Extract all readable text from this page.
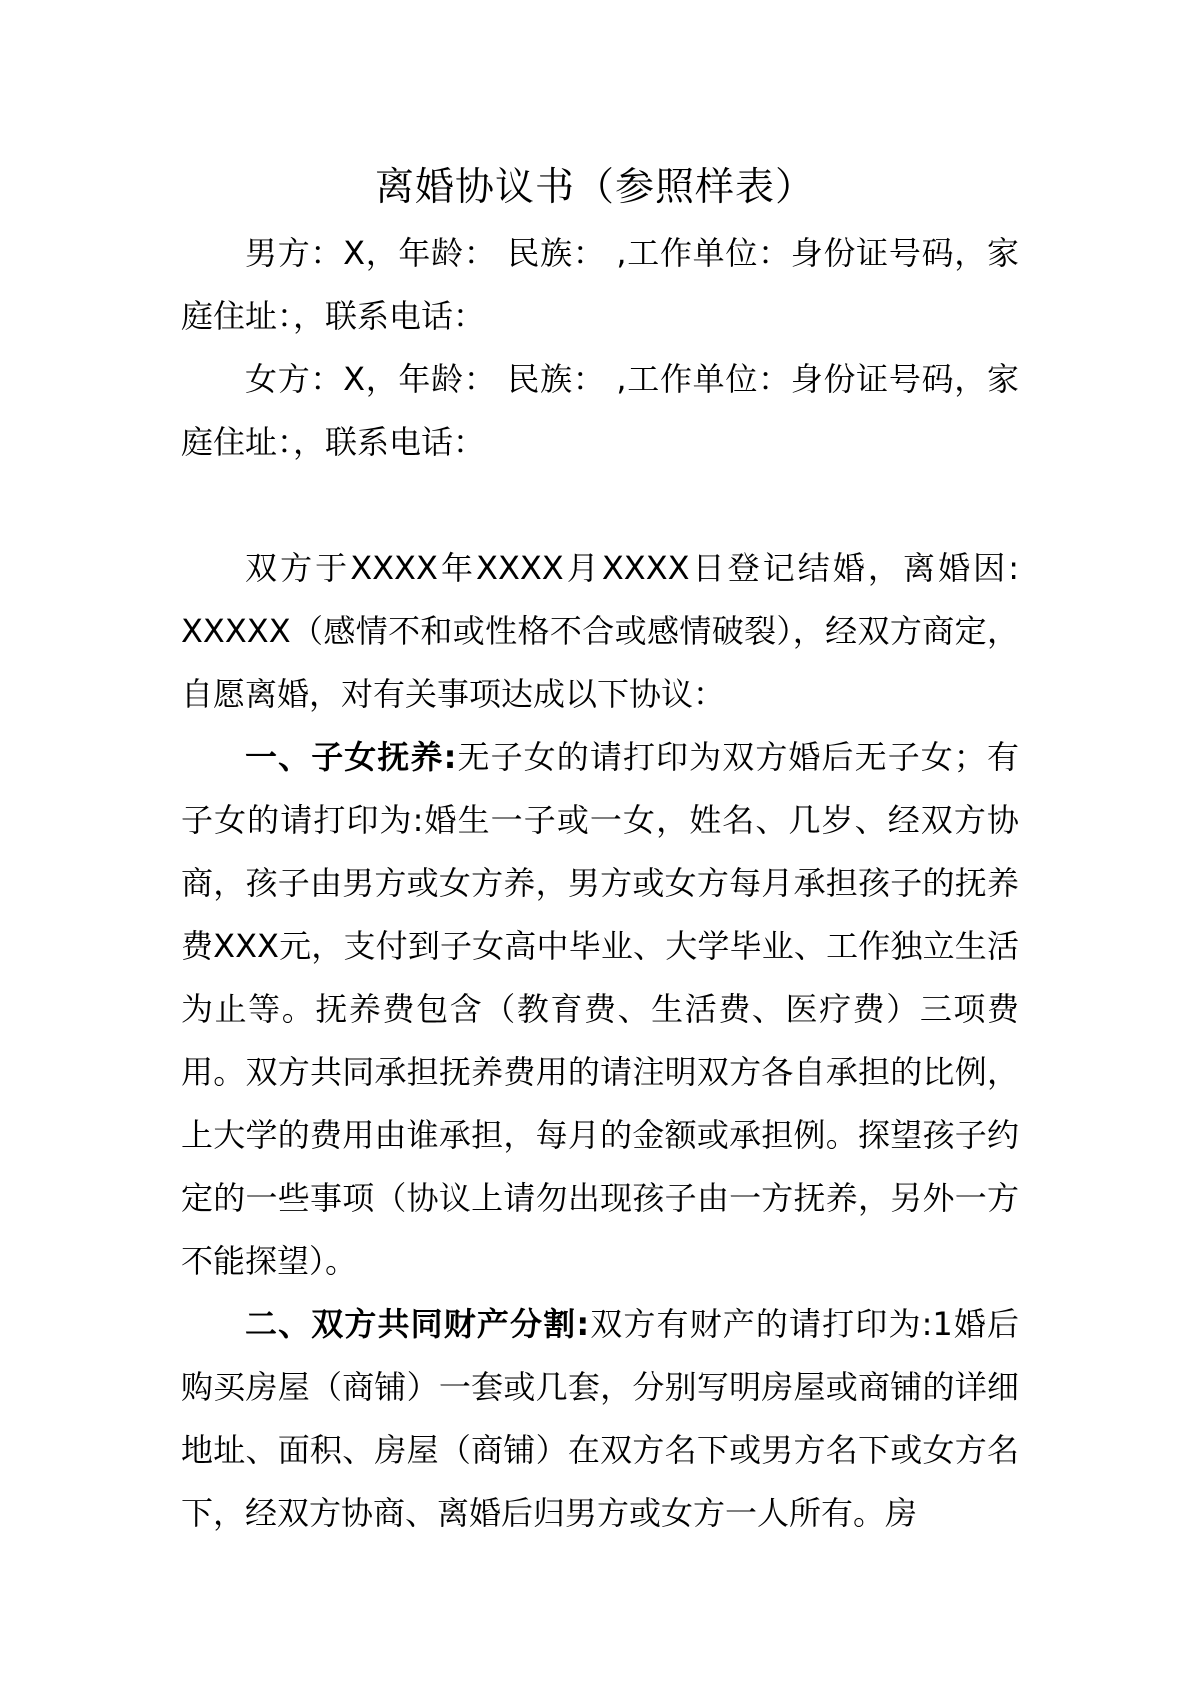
离婚协议书（参照样表）

男方：X，年龄： 民族： ,工作单位：身份证号码，家庭住址：，联系电话：

女方：X，年龄： 民族： ,工作单位：身份证号码，家庭住址：，联系电话：

双方于XXXX年XXXX月XXXX日登记结婚，离婚因: XXXXX（感情不和或性格不合或感情破裂），经双方商定，自愿离婚，对有关事项达成以下协议：

一、子女抚养:无子女的请打印为双方婚后无子女；有子女的请打印为:婚生一子或一女，姓名、几岁、经双方协商，孩子由男方或女方养，男方或女方每月承担孩子的抚养费XXX元，支付到子女高中毕业、大学毕业、工作独立生活为止等。抚养费包含（教育费、生活费、医疗费）三项费用。双方共同承担抚养费用的请注明双方各自承担的比例，上大学的费用由谁承担，每月的金额或承担例。探望孩子约定的一些事项（协议上请勿出现孩子由一方抚养，另外一方不能探望）。

二、双方共同财产分割:双方有财产的请打印为:1婚后购买房屋（商铺）一套或几套，分别写明房屋或商铺的详细地址、面积、房屋（商铺）在双方名下或男方名下或女方名下，经双方协商、离婚后归男方或女方一人所有。房
